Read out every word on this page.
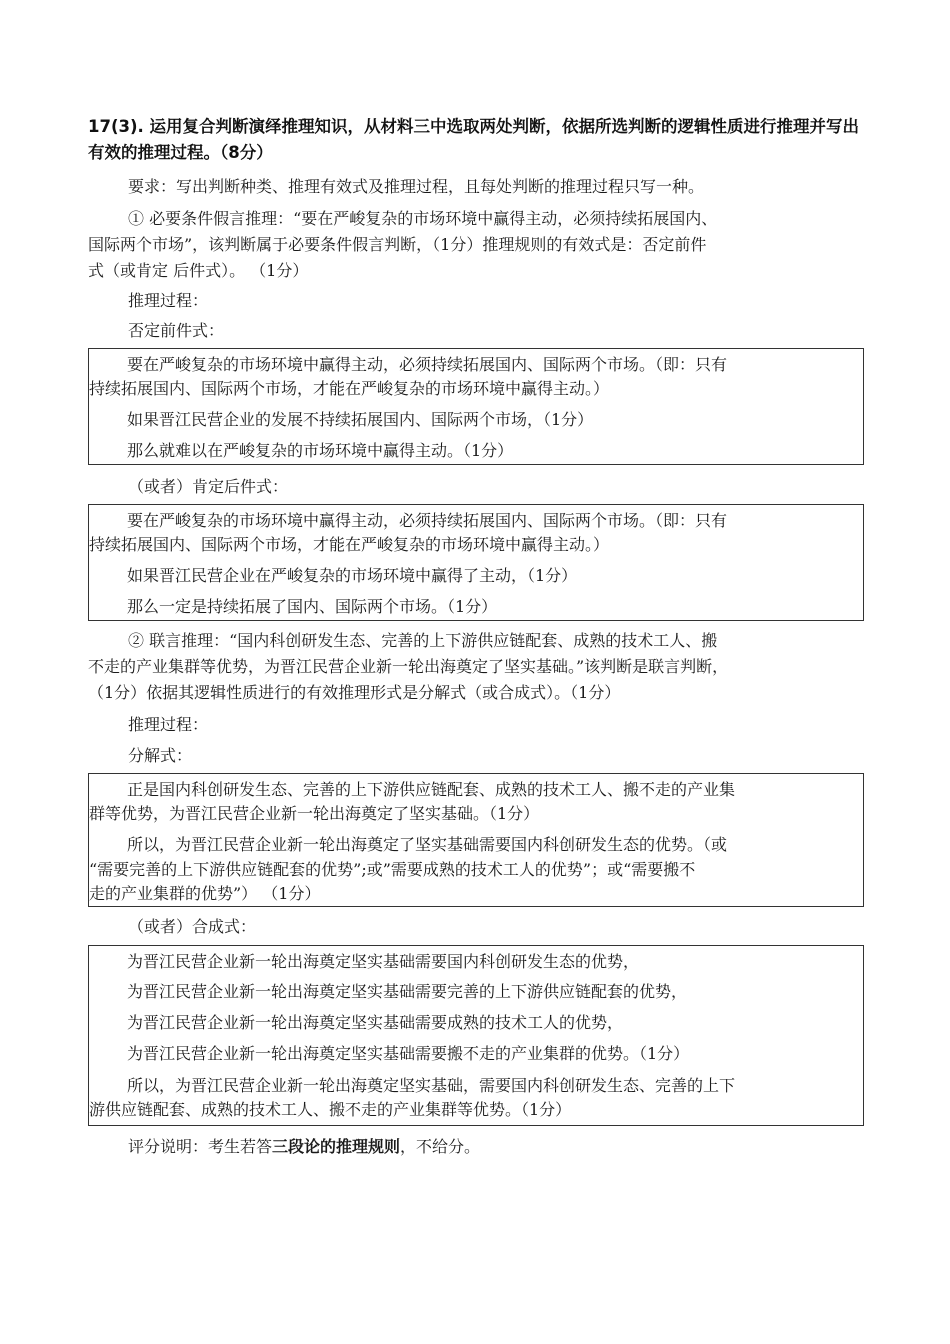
17(3). 运用复合判断演绎推理知识，从材料三中选取两处判断，依据所选判断的逻辑性质进行推理并写出有效的推理过程。（8分）
要求：写出判断种类、推理有效式及推理过程，且每处判断的推理过程只写一种。
① 必要条件假言推理：“要在严峻复杂的市场环境中赢得主动，必须持续拓展国内、
国际两个市场”，该判断属于必要条件假言判断，（1分）推理规则的有效式是：否定前件
式（或肯定 后件式）。 （1分）
推理过程：
否定前件式：
要在严峻复杂的市场环境中赢得主动，必须持续拓展国内、国际两个市场。（即：只有
持续拓展国内、国际两个市场，才能在严峻复杂的市场环境中赢得主动。）
如果晋江民营企业的发展不持续拓展国内、国际两个市场，（1分）
那么就难以在严峻复杂的市场环境中赢得主动。（1分）
（或者）肯定后件式：
要在严峻复杂的市场环境中赢得主动，必须持续拓展国内、国际两个市场。（即：只有
持续拓展国内、国际两个市场，才能在严峻复杂的市场环境中赢得主动。）
如果晋江民营企业在严峻复杂的市场环境中赢得了主动，（1分）
那么一定是持续拓展了国内、国际两个市场。（1分）
② 联言推理：“国内科创研发生态、完善的上下游供应链配套、成熟的技术工人、搬
不走的产业集群等优势，为晋江民营企业新一轮出海奠定了坚实基础。”该判断是联言判断，
（1分）依据其逻辑性质进行的有效推理形式是分解式（或合成式）。（1分）
推理过程：
分解式：
正是国内科创研发生态、完善的上下游供应链配套、成熟的技术工人、搬不走的产业集
群等优势，为晋江民营企业新一轮出海奠定了坚实基础。（1分）
所以，为晋江民营企业新一轮出海奠定了坚实基础需要国内科创研发生态的优势。（或
“需要完善的上下游供应链配套的优势”;或”需要成熟的技术工人的优势”；或“需要搬不
走的产业集群的优势”） （1分）
（或者）合成式：
为晋江民营企业新一轮出海奠定坚实基础需要国内科创研发生态的优势，
为晋江民营企业新一轮出海奠定坚实基础需要完善的上下游供应链配套的优势，
为晋江民营企业新一轮出海奠定坚实基础需要成熟的技术工人的优势，
为晋江民营企业新一轮出海奠定坚实基础需要搬不走的产业集群的优势。（1分）
所以，为晋江民营企业新一轮出海奠定坚实基础，需要国内科创研发生态、完善的上下
游供应链配套、成熟的技术工人、搬不走的产业集群等优势。（1分）
评分说明：考生若答三段论的推理规则，不给分。
